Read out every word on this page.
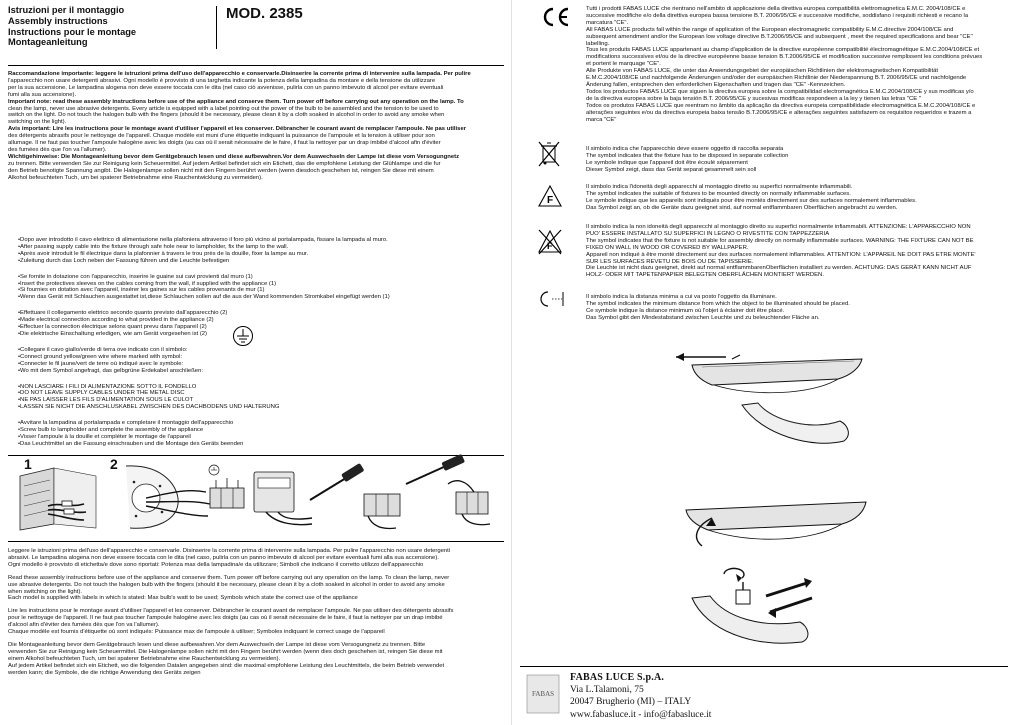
Istruzioni per il montaggio
Assembly instructions
Instructions pour le montage
Montageanleitung
MOD. 2385

Raccomandazione importante: leggere le istruzioni prima dell'uso dell'apparecchio e conservarle.Disinserire la corrente prima di intervenire sulla lampada. Per pulire

l'apparecchio non usare detergenti abrasivi. Ogni modello è provvisto di una targhetta indicante la potenza della lampadina da montare e della tensione da utilizzare

per la sua accensione. Le lampadina alogena non deve essere toccata con le dita (nel caso ciò avvenisse, pulirla con un panno imbevuto di alcool per evitare eventuali

fumi alla sua accensione).

Important note: read these assembly instructions before use of the appliance and conserve them. Turn power off before carrying out any operation on the lamp. To

clean the lamp, never use abrasive detergents. Every article is equipped with a label pointing out the power of the bulb to be assembled and the tension to be used to

switch on the light. Do not touch the halogen bulb with the fingers (should it be necessary, please clean it by a cloth soaked in alcohol in order to avoid any smoke when

switching on the light).

Avis important: Lire les instructions pour le montage avant d'utiliser l'appareil et les conserver. Débrancher le courant avant de remplacer l'ampoule. Ne pas utiliser

des détergents abrasifs pour le nettoyage de l'appareil. Chaque modèle est muni d'une étiquette indiquant la puissance de l'ampoule et la tension à utiliser pour son

allumage. Il ne faut pas toucher l'ampoule halogène avec les doigts (au cas où il serait nécessaire de le faire, il faut la nettoyer par un drap imbibé d'alcool afin d'éviter

des fumées dès que l'on va l'allumer).

Wichtigehinweise: Die Montageanleitung bevor dem Gerätgebrauch lesen und diese aufbewahren.Vor dem Auswechseln der Lampe ist diese vom Versogungnetz

zu trennen. Bitte verwenden Sie zur Reinigung kein Scheuermittel. Auf jedem Artikel befindet sich ein Etichett, das die empfohlene Leistung der Glühlampe und die fur

den Betrieb benotigte Spannung angibt. Die Halogenlampe sollen nicht mit den Fingern berührt werden (wenn diesdoch geschehen ist, reingen Sie diese mit einem

Alkohol befeuchteten Tuch, um bei spaterer Betriebnahme eine Rauchentwicklung zu vermeiden).

•Dopo aver introdotto il cavo elettrico di alimentazione nella plafoniera attraverso il foro più vicino al portalampada, fissare la lampada al muro.

•After passing supply cable into the fixture through safe hole near to lampholder, fix the lamp to the wall.

•Après avoir introduit le fil électrique dans la plafonnier à travers le trou près de la douille, fixer la lampe au mur.

•Zuleitung durch das Loch neben der Fassung führen und die Leuchte befestigen

•Se fornite in dotazione con l'apparecchio, inserire le guaine sui cavi provienti dal muro (1)

•Insert the protectives sleeves on the cables coming from the wall, if supplied with the appliance (1)

•Si fournies en dotation avec l'appareil, insérer les gaines sur les cables provenants de mur (1)

•Wenn das Gerät mit Schlauchen ausgestattet ist,diese Schlauchen sollen auf die aus der Wand kommenden Stromkabel eingefügt werden (1)

•Effettuare il collegamento elettrico secondo quanto previsto dall'apparecchio (2)

•Made electrical connection according to what provided in the appliance (2)

•Effectuer la connection électrique selons quant prevu dans l'appareil (2)

•Die elektrische Einschaltung erledigen, wie am Gerät vorgesehen ist (2)

•Collegare il cavo giallo/verde di terra ove indicato con il simbolo:

•Connect ground yellow/green wire where marked with symbol:

•Connecter le fil jaune/vert de terre où indiqué avec le symbole:

•Wo mit dem Symbol angefragt, das gelbgrüne Erdekabel anschließen:

•NON LASCIARE I FILI DI ALIMENTAZIONE SOTTO IL FONDELLO

•DO NOT LEAVE SUPPLY CABLES UNDER THE METAL DISC

•NE PAS LAISSER LES FILS D'ALIMENTATION SOUS LE CULOT

•LASSEN SIE NICHT DIE ANSCHLUSKABEL ZWISCHEN DES DACHBODENS UND HALTERUNG

•Avvitare la lampadina al portalampada e completare il montaggio dell'apparecchio

•Screw bulb to lampholder and complete the assembly of the appliance

•Visser l'ampoule à la douille et compléter le montage de l'appareil

•Das Leuchtmittel an die Fassung einschrauben und die Montage des Geräts beenden

1	2

Leggere le istruzioni prima dell'uso dell'apparecchio e conservarle. Disinserire la corrente prima di intervenire sulla lampada. Per pulire l'apparecchio non usare detergenti

abrasivi. Le lampadina alogena non deve essere toccata con le dita (nel caso, pulirla con un panno imbevuto di alcool per evitare eventuali fumi alla sua accensione).

Ogni modello è provvisto di etichetta/e dove sono riportati: Potenza max della lampadina/e da utilizzare; Simboli che indicano il corretto utilizzo dell'apparecchio

Read these assembly instructions before use of the appliance and conserve them. Turn power off before carrying out any operation on the lamp. To clean the lamp, never

use abrasive detergents. Do not touch the halogen bulb with the fingers (should it be necessary, please clean it by a cloth soaked in alcohol in order to avoid any smoke

when switching on the light).

Each model is supplied with labels in which is stated: Max bulb's watt to be used; Symbols which state the correct use of the appliance

Lire les instructions pour le montage avant d'utiliser l'appareil et les conserver. Débrancher le courant avant de remplacer l'ampoule. Ne pas utiliser des détergents abrasifs

pour le nettoyage de l'appareil. Il ne faut pas toucher l'ampoule halogène avec les doigts (au cas où il serait nécessaire de le faire, il faut la nettoyer par un drap imbibé

d'alcool afin d'éviter des fumées dès que l'on va l'allumer).

Chaque modèle est fournis d'étiquette où sont indiqués: Puissance max de l'ampoule à utiliser; Symboles indiquant le correct usage de l'appareil

Die Montageanleitung bevor dem Gerätgebrauch lesen und diese aufbewahren.Vor dem Auswechseln der Lampe ist diese vom Versogungnetz zu trennen. Bitte

verwenden Sie zur Reinigung kein Scheuermittel. Die Halogenlampe sollen nicht mit den Fingern berührt werden (wenn dies doch geschehen ist, reingen Sie diese mit

einem Alkohol befeuchteten Tuch, um bei spaterer Betriebnahme eine Rauchentwicklung zu vermeiden).

Auf jedem Artikel befindet sich ein Etichett, wo die folgenden Datalen angegeben sind: die maximal empfohlene Leistung des Leuchtmittels, die beim Betrieb verwendet

werden kann; die Symbole, die die richtige Anwendung des Geräts zeigen

Tutti i prodotti FABAS LUCE che rientrano nell'ambito di applicazione della direttiva europea compatibilità elettromagnetica E.M.C. 2004/108/CE e

successive modifiche e/o della direttiva europea bassa tensione B.T. 2006/95/CE e successive modifiche, soddisfano i requisiti richiesti e recano la

marcatura "CE".

All FABAS LUCE products fall within the range of application of the European electromagnetic compatibility E.M.C.directive 2004/108/CE and

subsequent amendment and/or the European low voltage directive B.T.2006/95/CE and subsequent , meet the required specifications and bear "CE"

labelling.

Tous les produits FABAS LUCE appartenant au champ d'application de la directive européenne compatibilité électromagnétique E.M.C.2004/108/CE et

modifications successives et/ou de la directive européenne basse tension B.T.2006/95/CE et modification successive remplissent les conditions prévues

et portent le marquage "CE".

Alle Produkte von FABAS LUCE, die unter das Anwendungsgebiet der europäischen Richtlinien der elektromagnetischen Kompatibilität

E.M.C.2004/108/CE und nachfolgende Änderungen und/oder der europäischen Richtlinie der Niederspannung B.T. 2006/95/CE und nachfolgende

Änderung fallen, entsprechen den erforderlichen Eigenschaften und tragen das "CE" -Kennzeichen.

Todos los productos FABAS LUCE que siguen la directiva europea sobre la compatibilidad electromagnética E.M.C.2004/108/CE y sus modificas y/o

de la directiva europea sobre la baja tensión B.T. 2006/95/CE y sucesivas modificas respondeen a la ley y tienen las letras "CE "

Todos os produtos FABAS LUCE que reentram no âmbito da aplicação da directiva europeia compatibilidade electromagnética E.M.C.2004/108/CE e

alterações seguintes e/ou da directiva europeia baixa tensão B.T.2006/95/CE e alterações seguintes satisfazem os requisitos requeridos e trazem a

marca "CE"

Il simbolo indica che l'apparecchio deve essere oggetto di raccolta separata

The symbol indicates that the fixture has to be disposed in separate collection

Le symbole indique que l'appareil doit être écoulé séparement

Dieser Symbol zeigt, dass das Gerät separat gesammelt sein soll

F

Il simbolo indica l'idoneità degli apparecchi al montaggio diretto su superfici normalmente infiammabili.

The symbol indicates the suitable of fixtures to be mounted directly on normally inflammable surfaces.

Le symbole indique que les appareils sont indiqués pour être montés directement sur des surfaces normalement inflammables.

Das Symbol zeigt an, ob die Geräte dazu geeignet sind, auf normal entflammbaren Oberflächen angebracht zu werden.

F

Il simbolo indica la non idoneità degli apparecchi al montaggio diretto su superfici normalmente infiammabili. ATTENZIONE: L'APPARECCHIO NON

PUO' ESSERE INSTALLATO SU SUPERFICI IN LEGNO O RIVESTITE CON TAPPEZZERIA

The symbol indicates that the fixture is not suitable for assembly directly on normally inflammable surfaces. WARNING: THE FIXTURE CAN NOT BE

FIXED ON WALL IN WOOD OR COVERED BY WALLPAPER.

Appareil non indiqué à être monté directement sur des surfaces normalement inflammables. ATTENTION: L'APPAREIL NE DOIT PAS ETRE MONTE'

SUR LES SURFACES REVETU DE BOIS OU DE TAPISSERIE.

Die Leuchte ist nicht dazu geeignet, direkt auf normal entflammbarenOberflächen installiert zu werden. ACHTUNG: DAS GERÄT KANN NICHT AUF

HOLZ- ODER MIT TAPETENPAPIER BELEGTEN OBERFLÄCHEN MONTIERT WERDEN.

Il simbolo indica la distanza minima a cui va posto l'oggetto da illuminare.

The symbol indicates the minimum distance from which the object to be illuminated should be placed.

Ce symbole indique la distance minimum où l'objet à éclairer doit être placé.

Das Symbol gibt den Mindestabstand zwischen Leuchte und zu beleuchtender Fläche an.

FABAS
FABAS LUCE S.p.A.
Via L.Talamoni, 75
20047 Brugherio (MI) – ITALY
www.fabasluce.it - info@fabasluce.it
